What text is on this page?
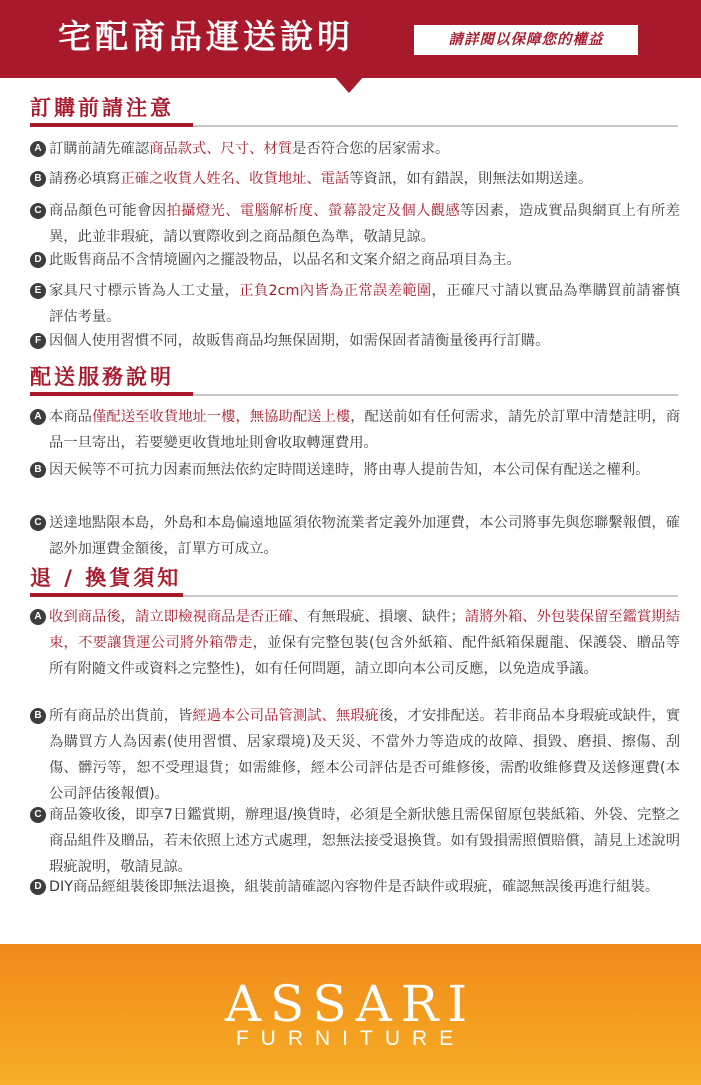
宅配商品運送說明	請詳閱以保障您的權益
訂購前請注意
A 訂購前請先確認商品款式、尺寸、材質是否符合您的居家需求。
B 請務必填寫正確之收貨人姓名、收貨地址、電話等資訊，如有錯誤，則無法如期送達。
C 商品顏色可能會因拍攝燈光、電腦解析度、螢幕設定及個人觀感等因素，造成實品與網頁上有所差異，此並非瑕疵，請以實際收到之商品顏色為準，敬請見諒。
D 此販售商品不含情境圖內之擺設物品，以品名和文案介紹之商品項目為主。
E 家具尺寸標示皆為人工丈量，正負2cm內皆為正常誤差範圍，正確尺寸請以實品為準購買前請審慎評估考量。
F 因個人使用習慣不同，故販售商品均無保固期，如需保固者請衡量後再行訂購。
配送服務說明
A 本商品僅配送至收貨地址一樓，無協助配送上樓，配送前如有任何需求，請先於訂單中清楚註明，商品一旦寄出，若要變更收貨地址則會收取轉運費用。
B 因天候等不可抗力因素而無法依約定時間送達時，將由專人提前告知，本公司保有配送之權利。
C 送達地點限本島，外島和本島偏遠地區須依物流業者定義外加運費，本公司將事先與您聯繫報價，確認外加運費金額後，訂單方可成立。
退 / 換貨須知
A 收到商品後，請立即檢視商品是否正確、有無瑕疵、損壞、缺件；請將外箱、外包裝保留至鑑賞期結束，不要讓貨運公司將外箱帶走，並保有完整包裝(包含外紙箱、配件紙箱保麗龍、保護袋、贈品等所有附隨文件或資料之完整性)，如有任何問題，請立即向本公司反應，以免造成爭議。
B 所有商品於出貨前，皆經過本公司品管測試、無瑕疵後，才安排配送。若非商品本身瑕疵或缺件，實為購買方人為因素(使用習慣、居家環境)及天災、不當外力等造成的故障、損毀、磨損、擦傷、刮傷、髒污等，恕不受理退貨；如需維修，經本公司評估是否可維修後，需酌收維修費及送修運費(本公司評估後報價)。
C 商品簽收後，即享7日鑑賞期，辦理退/換貨時，必須是全新狀態且需保留原包裝紙箱、外袋、完整之商品組件及贈品，若未依照上述方式處理，恕無法接受退換貨。如有毀損需照價賠償，請見上述說明瑕疵說明，敬請見諒。
D DIY商品經組裝後即無法退換，組裝前請確認內容物件是否缺件或瑕疵，確認無誤後再進行組裝。
ASSARI
FURNITURE
